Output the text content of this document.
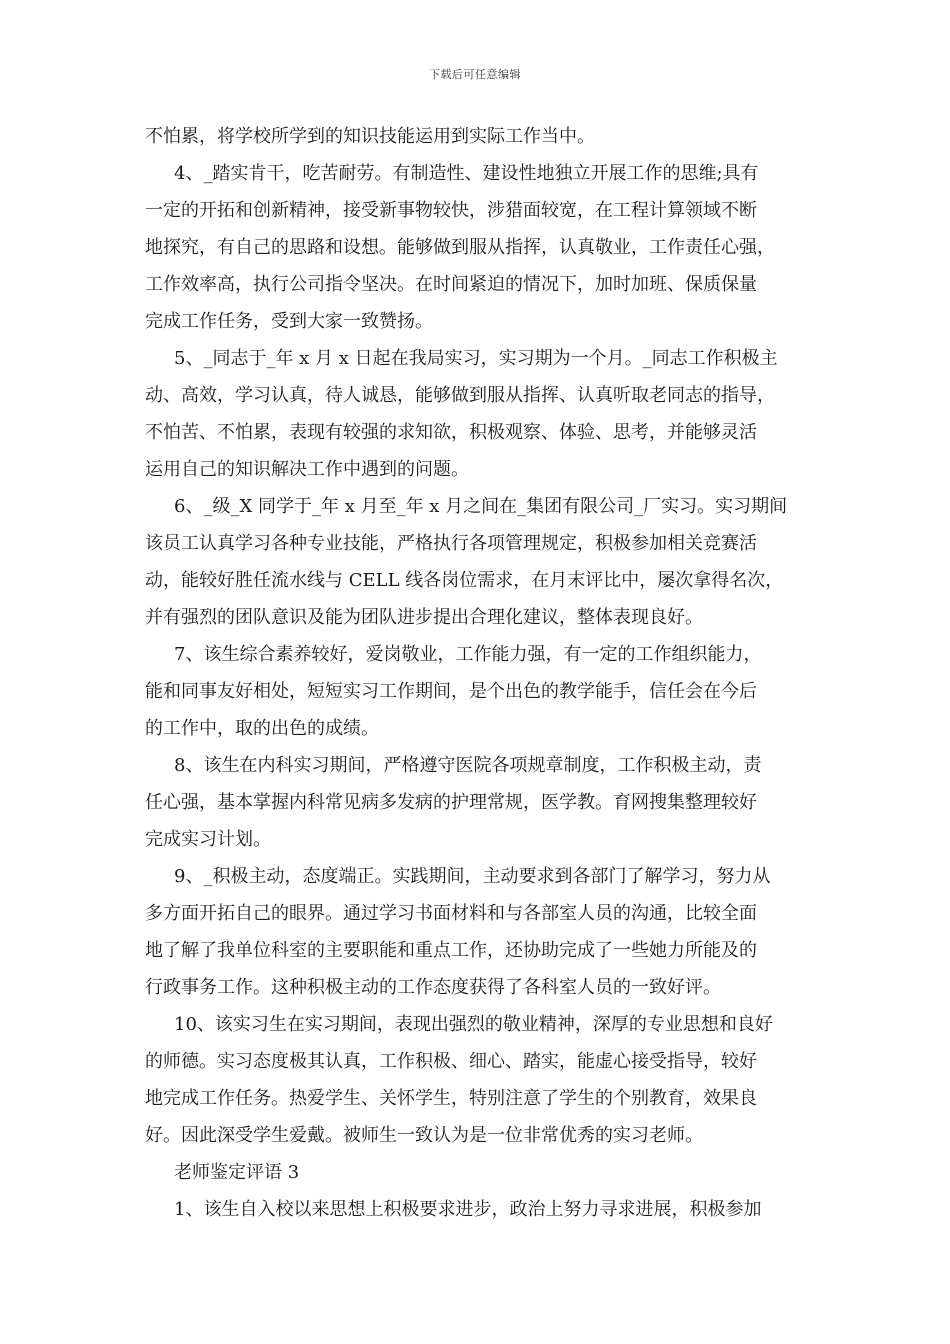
下载后可任意编辑
不怕累，将学校所学到的知识技能运用到实际工作当中。
4、_踏实肯干，吃苦耐劳。有制造性、建设性地独立开展工作的思维;具有
一定的开拓和创新精神，接受新事物较快，涉猎面较宽，在工程计算领域不断
地探究，有自己的思路和设想。能够做到服从指挥，认真敬业，工作责任心强，
工作效率高，执行公司指令坚决。在时间紧迫的情况下，加时加班、保质保量
完成工作任务，受到大家一致赞扬。
5、_同志于_年 x 月 x 日起在我局实习，实习期为一个月。_同志工作积极主
动、高效，学习认真，待人诚恳，能够做到服从指挥、认真听取老同志的指导，
不怕苦、不怕累，表现有较强的求知欲，积极观察、体验、思考，并能够灵活
运用自己的知识解决工作中遇到的问题。
6、_级_X 同学于_年 x 月至_年 x 月之间在_集团有限公司_厂实习。实习期间
该员工认真学习各种专业技能，严格执行各项管理规定，积极参加相关竞赛活
动，能较好胜任流水线与 CELL 线各岗位需求，在月末评比中，屡次拿得名次，
并有强烈的团队意识及能为团队进步提出合理化建议，整体表现良好。
7、该生综合素养较好，爱岗敬业，工作能力强，有一定的工作组织能力，
能和同事友好相处，短短实习工作期间，是个出色的教学能手，信任会在今后
的工作中，取的出色的成绩。
8、该生在内科实习期间，严格遵守医院各项规章制度，工作积极主动，责
任心强，基本掌握内科常见病多发病的护理常规，医学教。育网搜集整理较好
完成实习计划。
9、_积极主动，态度端正。实践期间，主动要求到各部门了解学习，努力从
多方面开拓自己的眼界。通过学习书面材料和与各部室人员的沟通，比较全面
地了解了我单位科室的主要职能和重点工作，还协助完成了一些她力所能及的
行政事务工作。这种积极主动的工作态度获得了各科室人员的一致好评。
10、该实习生在实习期间，表现出强烈的敬业精神，深厚的专业思想和良好
的师德。实习态度极其认真，工作积极、细心、踏实，能虚心接受指导，较好
地完成工作任务。热爱学生、关怀学生，特别注意了学生的个别教育，效果良
好。因此深受学生爱戴。被师生一致认为是一位非常优秀的实习老师。
老师鉴定评语 3
1、该生自入校以来思想上积极要求进步，政治上努力寻求进展，积极参加
